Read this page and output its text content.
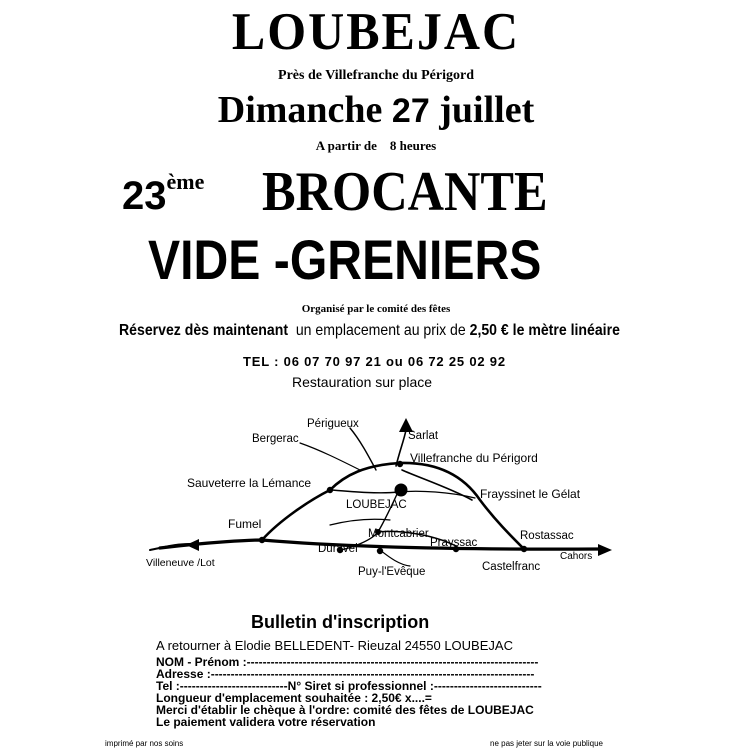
LOUBEJAC
Près de Villefranche du Périgord
Dimanche 27 juillet
A partir de 8 heures
23ème BROCANTE
VIDE -GRENIERS
Organisé par le comité des fêtes
Réservez dès maintenant un emplacement au prix de 2,50 € le mètre linéaire
TEL : 06 07 70 97 21 ou 06 72 25 02 92
Restauration sur place
Périgueux
Bergerac	Sarlat
Villefranche du Périgord
Sauveterre la Lémance
LOUBEJAC
Frayssinet le Gélat
Fumel
Montcabrier	Rostassac
Prayssac
Duravel
Cahors
Villeneuve /Lot	Castelfranc
Puy-l'Evêque
Bulletin d'inscription
A retourner à Elodie BELLEDENT- Rieuzal 24550 LOUBEJAC
NOM - Prénom :-------------------------------------------------------------------------
Adresse :---------------------------------------------------------------------------------
Tel :---------------------------N° Siret si professionnel :---------------------------
Longueur d'emplacement souhaitée : 2,50€ x....=
Merci d'établir le chèque à l'ordre: comité des fêtes de LOUBEJAC
Le paiement validera votre réservation
imprimé par nos soins	ne pas jeter sur la voie publique
